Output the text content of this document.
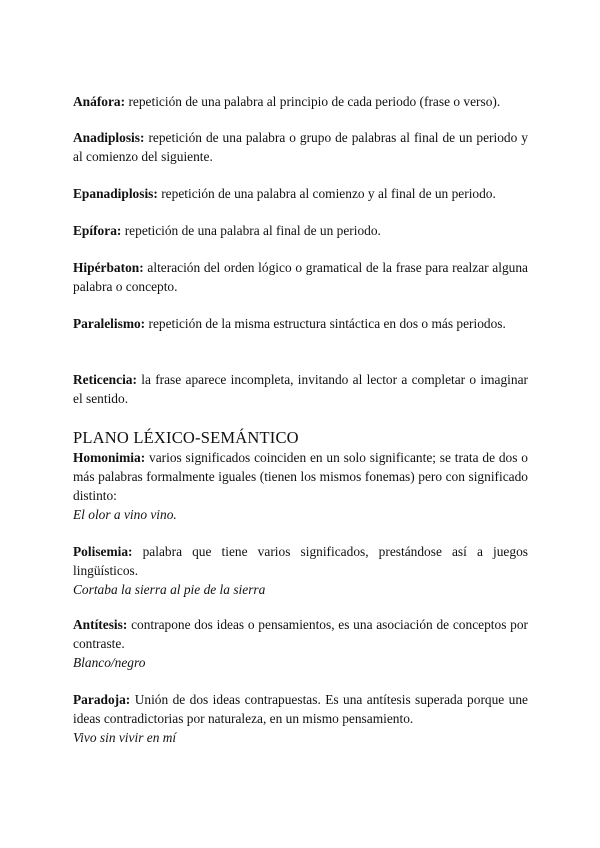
Anáfora: repetición de una palabra al principio de cada periodo (frase o verso).

Anadiplosis: repetición de una palabra o grupo de palabras al final de un periodo y al comienzo del siguiente.

Epanadiplosis: repetición de una palabra al comienzo y al final de un periodo.

Epífora: repetición de una palabra al final de un periodo.

Hipérbaton: alteración del orden lógico o gramatical de la frase para realzar alguna palabra o concepto.

Paralelismo: repetición de la misma estructura sintáctica en dos o más periodos.

Reticencia: la frase aparece incompleta, invitando al lector a completar o imaginar el sentido.

PLANO LÉXICO-SEMÁNTICO

Homonimia: varios significados coinciden en un solo significante; se trata de dos o más palabras formalmente iguales (tienen los mismos fonemas) pero con significado distinto:
El olor a vino vino.

Polisemia: palabra que tiene varios significados, prestándose así a juegos lingüísticos.
Cortaba la sierra al pie de la sierra

Antítesis: contrapone dos ideas o pensamientos, es una asociación de conceptos por contraste.
Blanco/negro

Paradoja: Unión de dos ideas contrapuestas. Es una antítesis superada porque une ideas contradictorias por naturaleza, en un mismo pensamiento.
Vivo sin vivir en mí
